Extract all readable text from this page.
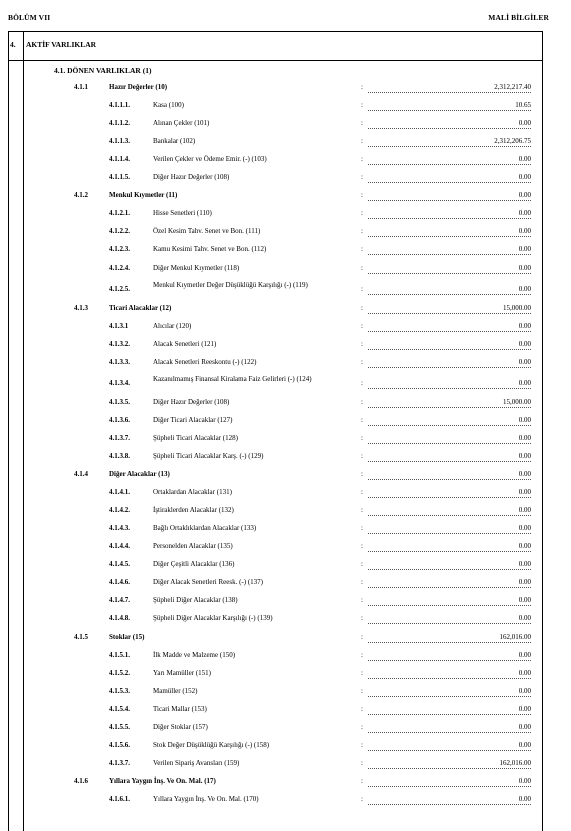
BÖLÜM VII	MALİ BİLGİLER
4. AKTİF VARLIKLAR
4.1. DÖNEN VARLIKLAR (1)
4.1.1	Hazır Değerler (10)	:	2,312,217.40
4.1.1.1.	Kasa (100)	:	10.65
4.1.1.2.	Alınan Çekler (101)	:	0.00
4.1.1.3.	Bankalar (102)	:	2,312,206.75
4.1.1.4.	Verilen Çekler ve Ödeme Emir. (-) (103)	:	0.00
4.1.1.5.	Diğer Hazır Değerler (108)	:	0.00
4.1.2	Menkul Kıymetler (11)	:	0.00
4.1.2.1.	Hisse Senetleri (110)	:	0.00
4.1.2.2.	Özel Kesim Tahv. Senet ve Bon. (111)	:	0.00
4.1.2.3.	Kamu Kesimi Tahv. Senet ve Bon. (112)	:	0.00
4.1.2.4.	Diğer Menkul Kıymetler (118)	:	0.00
4.1.2.5.	Menkul Kıymetler Değer Düşüklüğü Karşılığı (-) (119)	:	0.00
4.1.3	Ticari Alacaklar (12)	:	15,000.00
4.1.3.1	Alıcılar (120)	:	0.00
4.1.3.2.	Alacak Senetleri (121)	:	0.00
4.1.3.3.	Alacak Senetleri Reeskontu (-) (122)	:	0.00
4.1.3.4.	Kazanılmamış Finansal Kiralama Faiz Gelirleri (-) (124)	:	0.00
4.1.3.5.	Diğer Hazır Değerler (108)	:	15,000.00
4.1.3.6.	Diğer Ticari Alacaklar (127)	:	0.00
4.1.3.7.	Şüpheli Ticari Alacaklar (128)	:	0.00
4.1.3.8.	Şüpheli Ticari Alacaklar Karş. (-) (129)	:	0.00
4.1.4	Diğer Alacaklar (13)	:	0.00
4.1.4.1.	Ortaklardan Alacaklar (131)	:	0.00
4.1.4.2.	İştiraklerden Alacaklar (132)	:	0.00
4.1.4.3.	Bağlı Ortaklıklardan Alacaklar (133)	:	0.00
4.1.4.4.	Personelden Alacaklar (135)	:	0.00
4.1.4.5.	Diğer Çeşitli Alacaklar (136)	:	0.00
4.1.4.6.	Diğer Alacak Senetleri Reesk. (-) (137)	:	0.00
4.1.4.7.	Şüpheli Diğer Alacaklar (138)	:	0.00
4.1.4.8.	Şüpheli Diğer Alacaklar Karşılığı (-) (139)	:	0.00
4.1.5	Stoklar (15)	:	162,016.00
4.1.5.1.	İlk Madde ve Malzeme (150)	:	0.00
4.1.5.2.	Yarı Mamüller (151)	:	0.00
4.1.5.3.	Mamüller (152)	:	0.00
4.1.5.4.	Ticari Mallar (153)	:	0.00
4.1.5.5.	Diğer Stoklar (157)	:	0.00
4.1.5.6.	Stok Değer Düşüklüğü Karşılığı (-) (158)	:	0.00
4.1.3.7.	Verilen Sipariş Avansları (159)	:	162,016.00
4.1.6	Yıllara Yaygın İnş. Ve On. Mal. (17)	:	0.00
4.1.6.1.	Yıllara Yaygın İnş. Ve On. Mal. (170)	:	0.00
